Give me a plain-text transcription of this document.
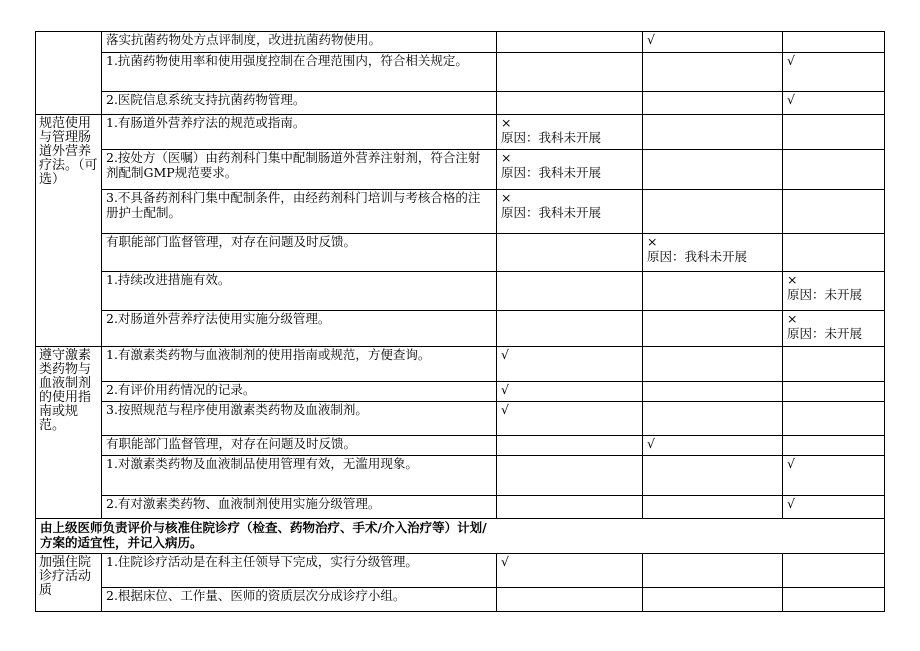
	落实抗菌药物处方点评制度，改进抗菌药物使用。		√	
	1.抗菌药物使用率和使用强度控制在合理范围内，符合相关规定。			√
	2.医院信息系统支持抗菌药物管理。			√
规范使用与管理肠道外营养疗法。（可选）	1.有肠道外营养疗法的规范或指南。	×
原因：我科未开展		
	2.按处方（医嘱）由药剂科门集中配制肠道外营养注射剂，符合注射剂配制GMP规范要求。	×
原因：我科未开展		
	3.不具备药剂科门集中配制条件，由经药剂科门培训与考核合格的注册护士配制。	×
原因：我科未开展		
	有职能部门监督管理，对存在问题及时反馈。		×
原因：我科未开展	
	1.持续改进措施有效。			×
原因：未开展
	2.对肠道外营养疗法使用实施分级管理。			×
原因：未开展
遵守激素类药物与血液制剂的使用指南或规范。	1.有激素类药物与血液制剂的使用指南或规范，方便查询。	√		
	2.有评价用药情况的记录。	√		
	3.按照规范与程序使用激素类药物及血液制剂。	√		
	有职能部门监督管理，对存在问题及时反馈。		√	
	1.对激素类药物及血液制品使用管理有效，无滥用现象。			√
	2.有对激素类药物、血液制剂使用实施分级管理。			√
由上级医师负责评价与核准住院诊疗（检查、药物治疗、手术/介入治疗等）计划/方案的适宜性，并记入病历。				
加强住院诊疗活动质	1.住院诊疗活动是在科主任领导下完成，实行分级管理。	√		
	2.根据床位、工作量、医师的资质层次分成诊疗小组。			
